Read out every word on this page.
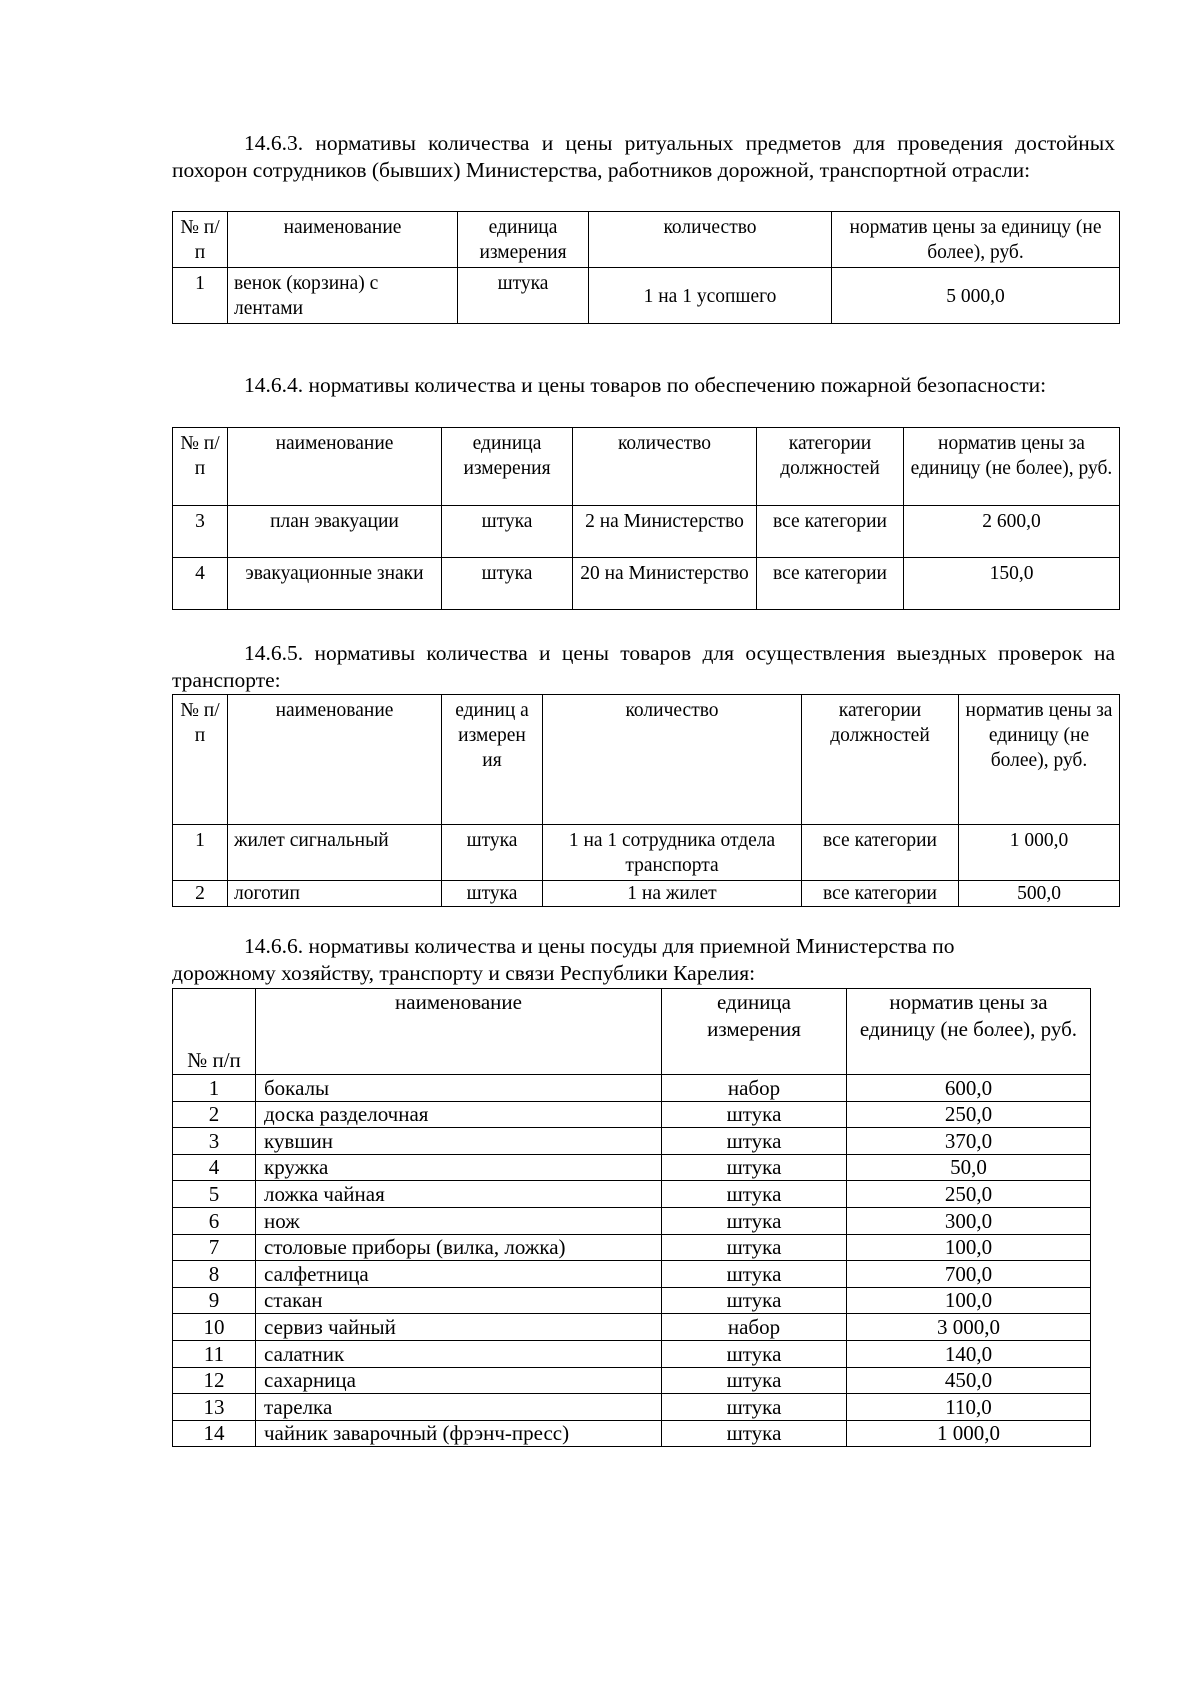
14.6.3. нормативы количества и цены ритуальных предметов для проведения достойных похорон сотрудников (бывших) Министерства, работников дорожной, транспортной отрасли:

№ п/п	наименование	единица измерения	количество	норматив цены за единицу (не более), руб.
1	венок (корзина) с лентами	штука	1 на 1 усопшего	5 000,0

14.6.4. нормативы количества и цены товаров по обеспечению пожарной безопасности:

№ п/п	наименование	единица измерения	количество	категории должностей	норматив цены за единицу (не более), руб.
3	план эвакуации	штука	2 на Министерство	все категории	2 600,0
4	эвакуационные знаки	штука	20 на Министерство	все категории	150,0

14.6.5. нормативы количества и цены товаров для осуществления выездных проверок на транспорте:

№ п/п	наименование	единиц а измерен ия	количество	категории должностей	норматив цены за единицу (не более), руб.
1	жилет сигнальный	штука	1 на 1 сотрудника отдела транспорта	все категории	1 000,0
2	логотип	штука	1 на жилет	все категории	500,0

14.6.6. нормативы количества и цены посуды для приемной Министерства по дорожному хозяйству, транспорту и связи Республики Карелия:

№ п/п	наименование	единица измерения	норматив цены за единицу (не более), руб.
1	бокалы	набор	600,0
2	доска разделочная	штука	250,0
3	кувшин	штука	370,0
4	кружка	штука	50,0
5	ложка чайная	штука	250,0
6	нож	штука	300,0
7	столовые приборы (вилка, ложка)	штука	100,0
8	салфетница	штука	700,0
9	стакан	штука	100,0
10	сервиз чайный	набор	3 000,0
11	салатник	штука	140,0
12	сахарница	штука	450,0
13	тарелка	штука	110,0
14	чайник заварочный (фрэнч-пресс)	штука	1 000,0
